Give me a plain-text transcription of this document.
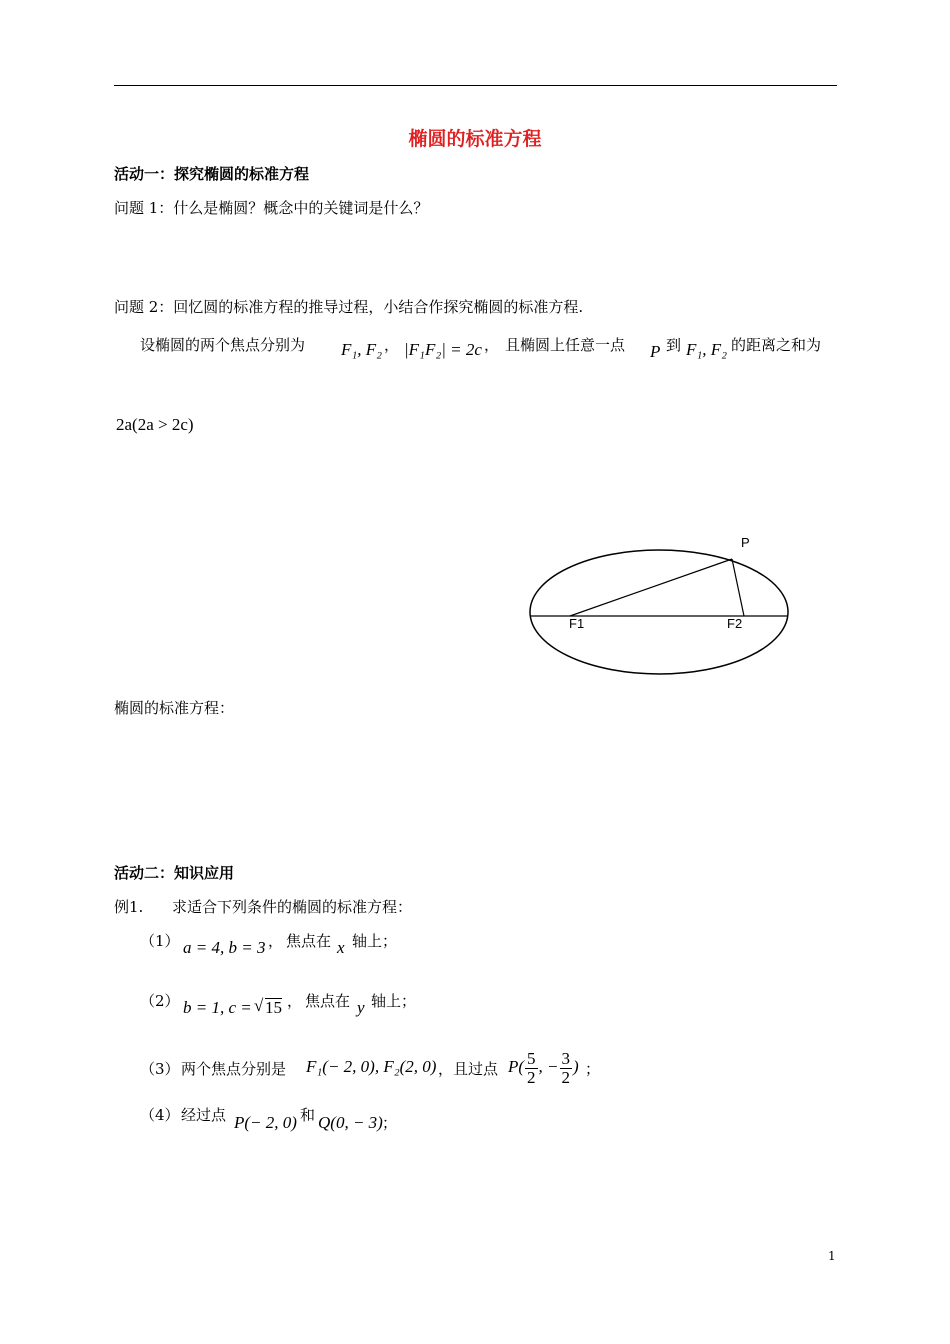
椭圆的标准方程
活动一：探究椭圆的标准方程
问题 1：什么是椭圆？概念中的关键词是什么？
问题 2：回忆圆的标准方程的推导过程，小结合作探究椭圆的标准方程.
设椭圆的两个焦点分别为 F₁, F₂ ， |F₁F₂| = 2c ， 且椭圆上任意一点 P 到 F₁, F₂ 的距离之和为
2a(2a > 2c)
P
F1	F2
椭圆的标准方程：
活动二：知识应用
例1. 求适合下列条件的椭圆的标准方程：
（1） a = 4, b = 3 ， 焦点在 x 轴上；
（2） b = 1, c = √ 15 ， 焦点在 y 轴上；
（3） 两个焦点分别是 F₁(− 2, 0), F₂(2, 0) ，且过点 $P( \frac{5}{2}$ , − $\frac{3}{2}$ ) ；
（4） 经过点 P(− 2, 0) 和 Q(0, − 3) ；
1
